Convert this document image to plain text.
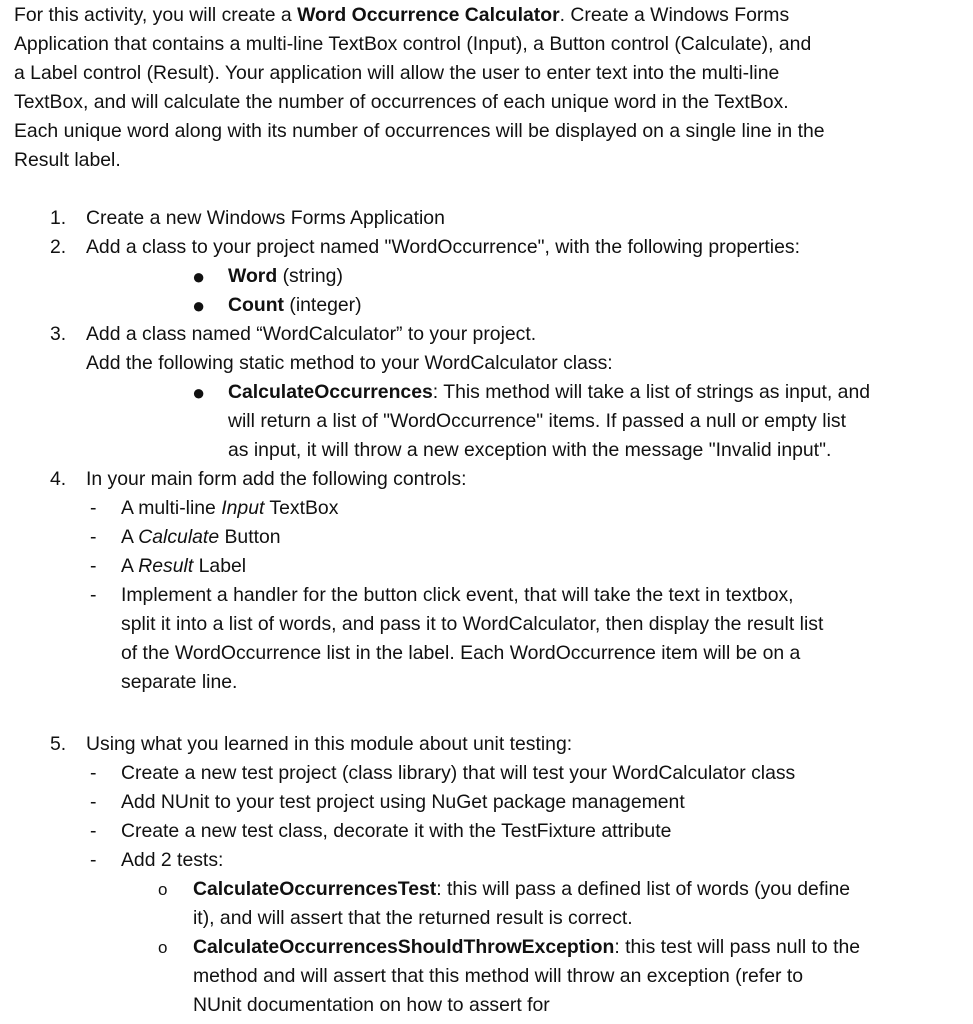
For this activity, you will create a Word Occurrence Calculator. Create a Windows Forms
Application that contains a multi-line TextBox control (Input), a Button control (Calculate), and
a Label control (Result). Your application will allow the user to enter text into the multi-line
TextBox, and will calculate the number of occurrences of each unique word in the TextBox.
Each unique word along with its number of occurrences will be displayed on a single line in the
Result label.
1. Create a new Windows Forms Application
2. Add a class to your project named "WordOccurrence", with the following properties:
● Word (string)
● Count (integer)
3. Add a class named “WordCalculator” to your project.
Add the following static method to your WordCalculator class:
● CalculateOccurrences: This method will take a list of strings as input, and
will return a list of "WordOccurrence" items. If passed a null or empty list
as input, it will throw a new exception with the message "Invalid input".
4. In your main form add the following controls:
- A multi-line Input TextBox
- A Calculate Button
- A Result Label
- Implement a handler for the button click event, that will take the text in textbox,
split it into a list of words, and pass it to WordCalculator, then display the result list
of the WordOccurrence list in the label. Each WordOccurrence item will be on a
separate line.
5. Using what you learned in this module about unit testing:
- Create a new test project (class library) that will test your WordCalculator class
- Add NUnit to your test project using NuGet package management
- Create a new test class, decorate it with the TestFixture attribute
- Add 2 tests:
o CalculateOccurrencesTest: this will pass a defined list of words (you define
it), and will assert that the returned result is correct.
o CalculateOccurrencesShouldThrowException: this test will pass null to the
method and will assert that this method will throw an exception (refer to
NUnit documentation on how to assert for
